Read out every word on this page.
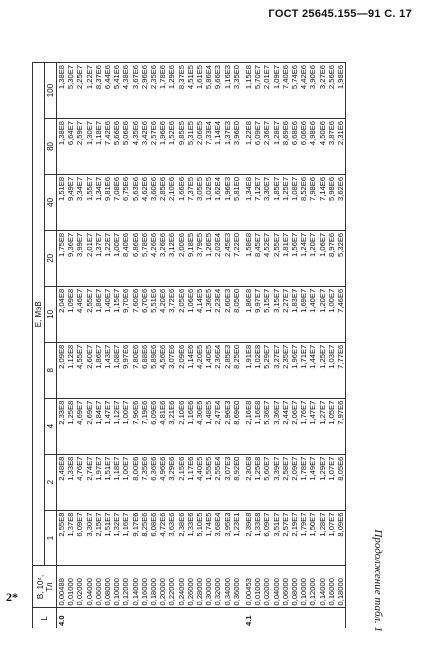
ГОСТ 25645.155—91 С. 17
Продолжение табл. 1
2*
L	B, 10⁴,
Тл	E, МэВ								
		1	2	4	8	10	20	40	80	100
4.0	0,00488	2,55E8	2,48E8	2,33E8	2,09E8	2,04E8	1,75E8	1,51E8	1,38E8	1,38E8
	0,01000	1,37E8	1,33E8	1,25E8	1,12E8	1,09E8	9,36E7	9,49E7	6,64E7	5,30E7
	0,02000	6,09E7	4,76E7	4,69E7	4,55E7	4,46E7	3,99E7	3,34E7	2,59E7	2,25E7
	0,04000	3,30E7	2,74E7	2,69E7	2,60E7	2,55E7	2,01E7	1,55E7	1,30E7	1,22E7
	0,06000	2,15E7	1,97E7	1,84E7	1,86E7	1,86E7	1,37E7	1,34E7	1,18E7	8,37E6
	0,08000	1,51E7	1,51E7	1,47E7	1,43E7	1,40E7	1,22E7	9,81E6	7,42E6	6,44E6
	0,10000	1,32E7	1,18E7	1,12E7	1,08E7	1,15E7	1,00E7	7,08E6	5,66E6	5,41E6
	0,12000	1,16E7	1,00E7	1,00E7	9,97E6	9,70E6	8,40E6	6,75E6	5,06E6	4,38E6
	0,14000	9,17E6	8,00E6	7,96E6	7,80E6	7,60E6	6,86E6	5,63E6	4,35E6	3,67E6
	0,16000	8,25E6	7,35E6	7,19E6	6,88E6	6,70E6	5,78E6	4,62E6	3,42E6	2,96E6
	0,18000	6,08E6	6,36E6	6,09E6	5,89E6	5,51E6	4,26E6	3,60E6	2,57E6	2,35E6
	0,20000	4,72E6	4,96E6	4,81E6	4,56E6	4,20E6	3,26E6	2,85E6	1,96E6	1,78E6
	0,22000	3,63E6	3,29E6	3,21E6	3,07E6	3,72E6	3,12E6	2,10E6	1,52E6	1,29E6
	0,24000	2,38E6	2,15E6	2,10E6	2,09E6	2,05E6	2,00E6	1,66E6	9,85E5	8,37E5
	0,26000	1,33E6	1,17E6	1,16E6	1,14E6	1,06E6	9,18E5	7,37E5	5,31E5	4,51E5
	0,28000	5,10E5	4,40E5	4,30E5	4,20E5	4,14E5	3,79E5	3,05E5	2,06E5	1,61E5
	0,30000	1,74E5	1,55E5	1,48E5	1,40E5	1,36E5	1,26E5	1,02E5	7,33E4	5,86E4
	0,32000	3,68E4	2,55E4	2,47E4	2,36E4	2,23E4	2,03E4	1,62E4	1,14E4	9,66E3
	0,34000	3,95E3	3,07E3	2,96E3	2,85E3	2,60E3	2,45E3	1,96E3	1,37E3	1,16E3
	0,36000	1,23E1	8,92E0	8,69E0	8,25E0	8,05E0	7,22E0	5,81E0	3,96E0	3,35E0
4.1	0,00453	2,39E8	2,30E8	2,16E8	1,91E8	1,86E8	1,58E8	1,34E8	1,22E8	1,15E8
	0,01000	1,33E8	1,25E8	1,16E8	1,02E8	9,97E7	8,45E7	7,12E7	6,09E7	5,70E7
	0,02000	6,09E7	5,60E7	5,36E7	5,29E7	5,15E7	4,52E7	3,30E7	2,36E7	2,01E7
	0,04000	3,51E7	3,39E7	3,36E7	3,27E7	3,15E7	2,55E7	1,85E7	1,28E7	1,09E7
	0,06000	2,57E7	2,58E7	2,44E7	2,35E7	2,27E7	1,81E7	1,25E7	8,69E6	7,40E6
	0,08000	2,19E7	2,09E7	2,06E7	1,96E7	1,83E7	1,56E7	1,08E7	6,68E6	5,74E6
	0,10000	1,79E7	1,78E7	1,76E7	1,71E7	1,69E7	1,24E7	8,52E6	6,06E6	4,42E6
	0,12000	1,50E7	1,49E7	1,47E7	1,44E7	1,40E7	1,20E7	7,98E6	4,98E6	3,90E6
	0,14000	1,28E7	1,29E7	1,27E7	1,25E7	1,20E7	1,06E7	7,14E6	4,50E6	3,27E6
	0,16000	1,07E7	1,07E7	1,05E7	1,03E7	1,00E7	8,97E6	5,98E6	3,87E6	2,56E6
	0,18000	8,09E6	8,05E6	7,97E6	7,77E6	7,46E6	5,32E6	3,62E6	2,31E6	1,98E6
